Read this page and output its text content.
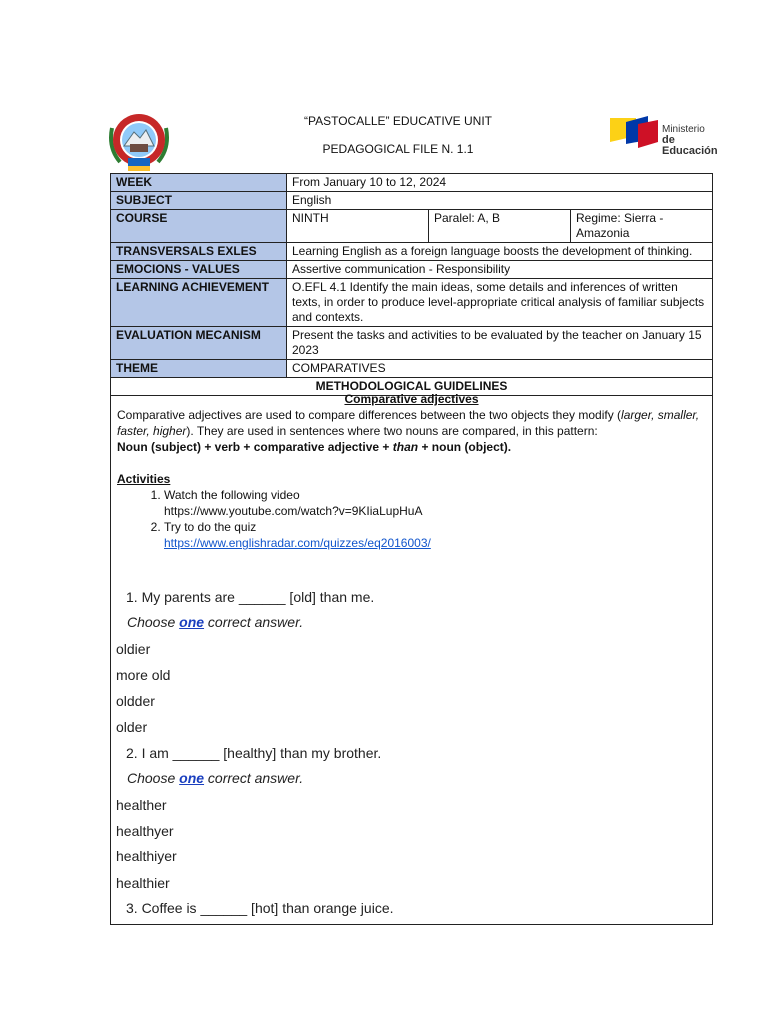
“PASTOCALLE” EDUCATIVE UNIT
PEDAGOGICAL FILE N. 1.1
Ministerio
de Educación
WEEK	From January 10 to 12, 2024		
SUBJECT	English		
COURSE	NINTH	Paralel: A, B	Regime: Sierra - Amazonia
TRANSVERSALS EXLES	Learning English as a foreign language boosts the development of thinking.		
EMOCIONS - VALUES	Assertive communication - Responsibility		
LEARNING ACHIEVEMENT	O.EFL 4.1 Identify the main ideas, some details and inferences of written texts, in order to produce level-appropriate critical analysis of familiar subjects and contexts.		
EVALUATION MECANISM	Present the tasks and activities to be evaluated by the teacher on January 15 2023		
THEME	COMPARATIVES		
METHODOLOGICAL GUIDELINES			
Comparative adjectives
Comparative adjectives are used to compare differences between the two objects they modify (larger, smaller, faster, higher). They are used in sentences where two nouns are compared, in this pattern:
Noun (subject) + verb + comparative adjective + than + noun (object).
Activities
1. Watch the following video
https://www.youtube.com/watch?v=9KIiaLupHuA
2. Try to do the quiz
https://www.englishradar.com/quizzes/eq2016003/
1. My parents are ______ [old] than me.
Choose one correct answer.
oldier
more old
oldder
older
2. I am ______ [healthy] than my brother.
Choose one correct answer.
healther
healthyer
healthiyer
healthier
3. Coffee is ______ [hot] than orange juice.
